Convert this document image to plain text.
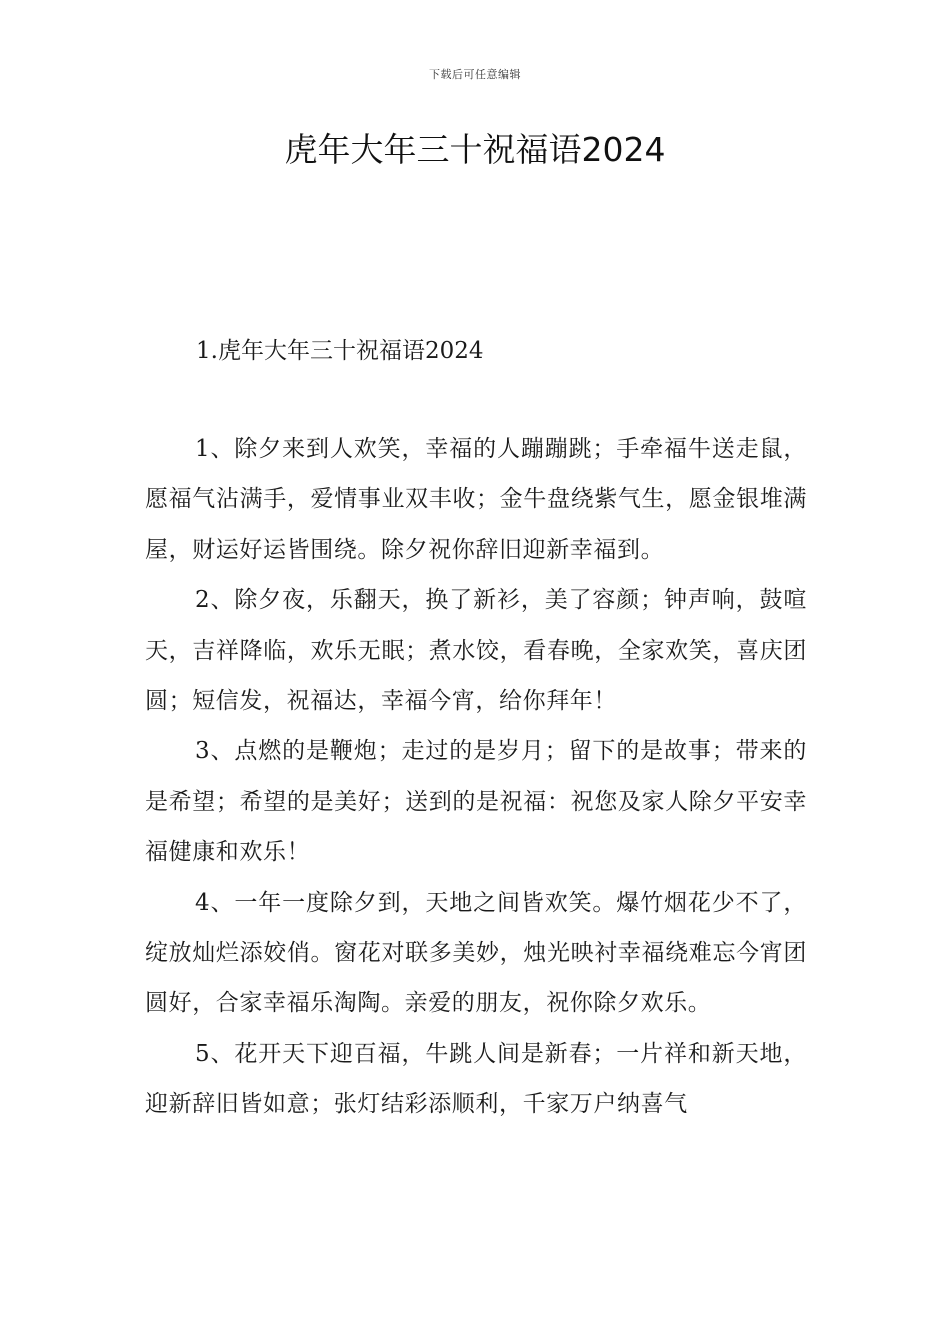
下载后可任意编辑
虎年大年三十祝福语2024
1.虎年大年三十祝福语2024

1、除夕来到人欢笑，幸福的人蹦蹦跳；手牵福牛送走鼠，愿福气沾满手，爱情事业双丰收；金牛盘绕紫气生，愿金银堆满屋，财运好运皆围绕。除夕祝你辞旧迎新幸福到。

2、除夕夜，乐翻天，换了新衫，美了容颜；钟声响，鼓喧天，吉祥降临，欢乐无眠；煮水饺，看春晚，全家欢笑，喜庆团圆；短信发，祝福达，幸福今宵，给你拜年！

3、点燃的是鞭炮；走过的是岁月；留下的是故事；带来的是希望；希望的是美好；送到的是祝福：祝您及家人除夕平安幸福健康和欢乐！

4、一年一度除夕到，天地之间皆欢笑。爆竹烟花少不了，绽放灿烂添姣俏。窗花对联多美妙，烛光映衬幸福绕难忘今宵团圆好，合家幸福乐淘陶。亲爱的朋友，祝你除夕欢乐。

5、花开天下迎百福，牛跳人间是新春；一片祥和新天地，迎新辞旧皆如意；张灯结彩添顺利，千家万户纳喜气
